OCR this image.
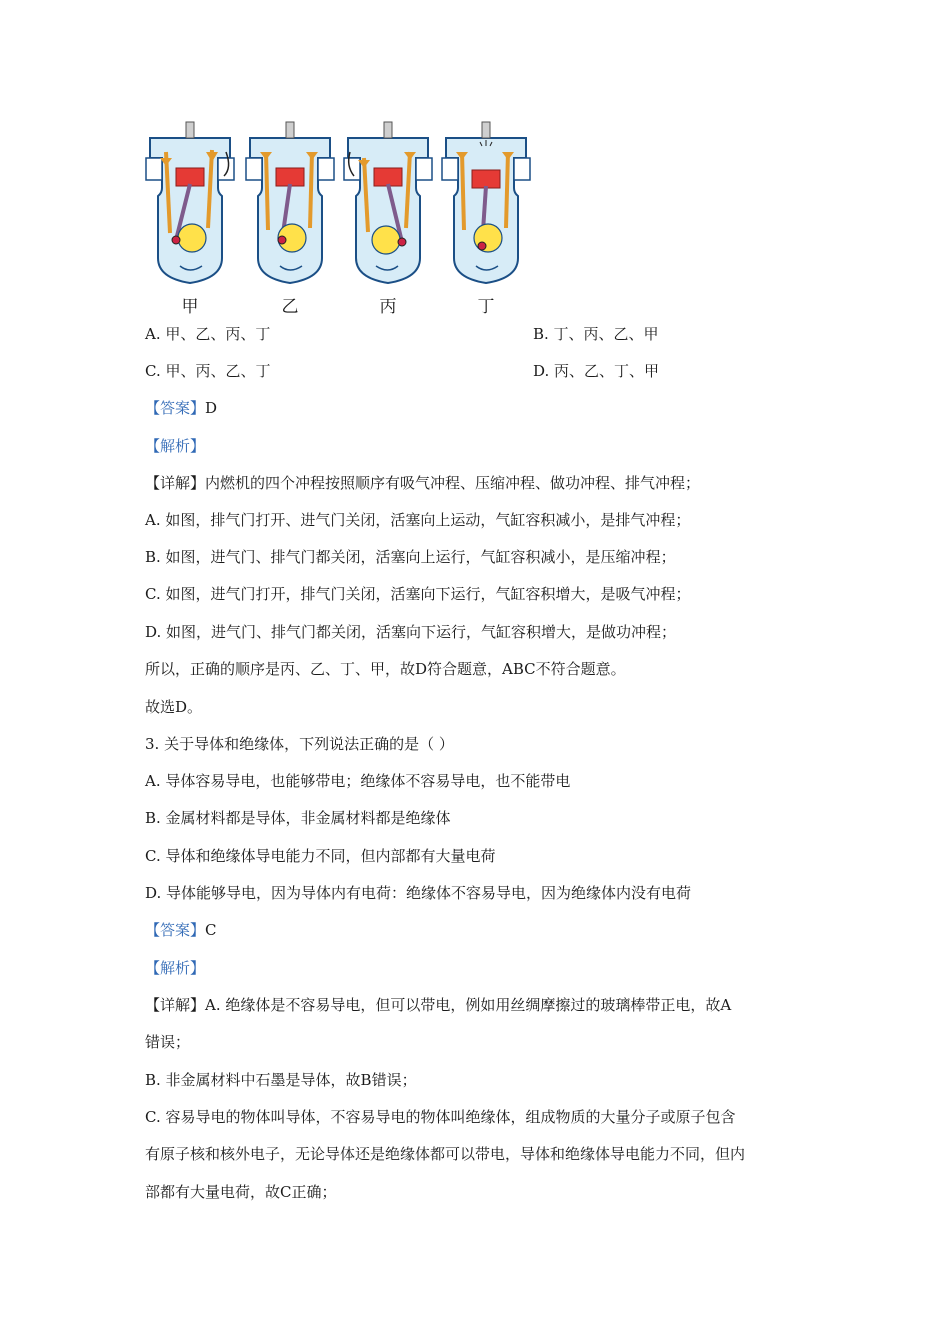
甲	乙	丙	丁
A. 甲、乙、丙、丁	B. 丁、丙、乙、甲
C. 甲、丙、乙、丁	D. 丙、乙、丁、甲
【答案】D
【解析】
【详解】内燃机的四个冲程按照顺序有吸气冲程、压缩冲程、做功冲程、排气冲程；
A. 如图，排气门打开、进气门关闭，活塞向上运动，气缸容积减小，是排气冲程；
B. 如图，进气门、排气门都关闭，活塞向上运行，气缸容积减小，是压缩冲程；
C. 如图，进气门打开，排气门关闭，活塞向下运行，气缸容积增大，是吸气冲程；
D. 如图，进气门、排气门都关闭，活塞向下运行，气缸容积增大，是做功冲程；
所以，正确的顺序是丙、乙、丁、甲，故D符合题意，ABC不符合题意。
故选D。
3. 关于导体和绝缘体，下列说法正确的是（ ）
A. 导体容易导电，也能够带电；绝缘体不容易导电，也不能带电
B. 金属材料都是导体，非金属材料都是绝缘体
C. 导体和绝缘体导电能力不同，但内部都有大量电荷
D. 导体能够导电，因为导体内有电荷：绝缘体不容易导电，因为绝缘体内没有电荷
【答案】C
【解析】
【详解】A. 绝缘体是不容易导电，但可以带电，例如用丝绸摩擦过的玻璃棒带正电，故A
错误；
B. 非金属材料中石墨是导体，故B错误；
C. 容易导电的物体叫导体，不容易导电的物体叫绝缘体，组成物质的大量分子或原子包含
有原子核和核外电子，无论导体还是绝缘体都可以带电，导体和绝缘体导电能力不同，但内
部都有大量电荷，故C正确；
